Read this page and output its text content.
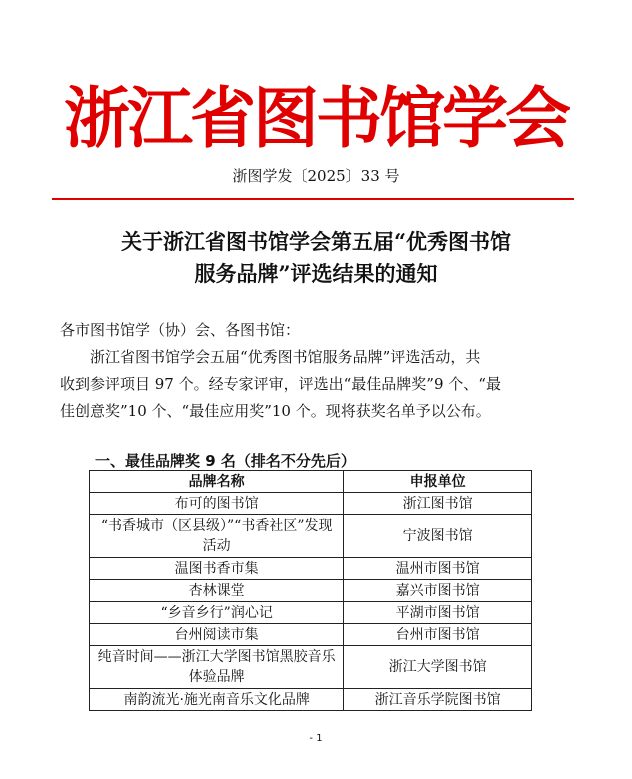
浙江省图书馆学会
浙图学发〔2025〕33 号
关于浙江省图书馆学会第五届“优秀图书馆
服务品牌”评选结果的通知
各市图书馆学（协）会、各图书馆：
浙江省图书馆学会五届“优秀图书馆服务品牌”评选活动，共
收到参评项目 97 个。经专家评审，评选出“最佳品牌奖”9 个、“最
佳创意奖”10 个、“最佳应用奖”10 个。现将获奖名单予以公布。
一、最佳品牌奖 9 名（排名不分先后）
品牌名称	申报单位
布可的图书馆	浙江图书馆
“书香城市（区县级）”“书香社区”发现活动	宁波图书馆
温图书香市集	温州市图书馆
杏林课堂	嘉兴市图书馆
“乡音乡行”润心记	平湖市图书馆
台州阅读市集	台州市图书馆
纯音时间——浙江大学图书馆黑胶音乐体验品牌	浙江大学图书馆
南韵流光·施光南音乐文化品牌	浙江音乐学院图书馆
- 1
